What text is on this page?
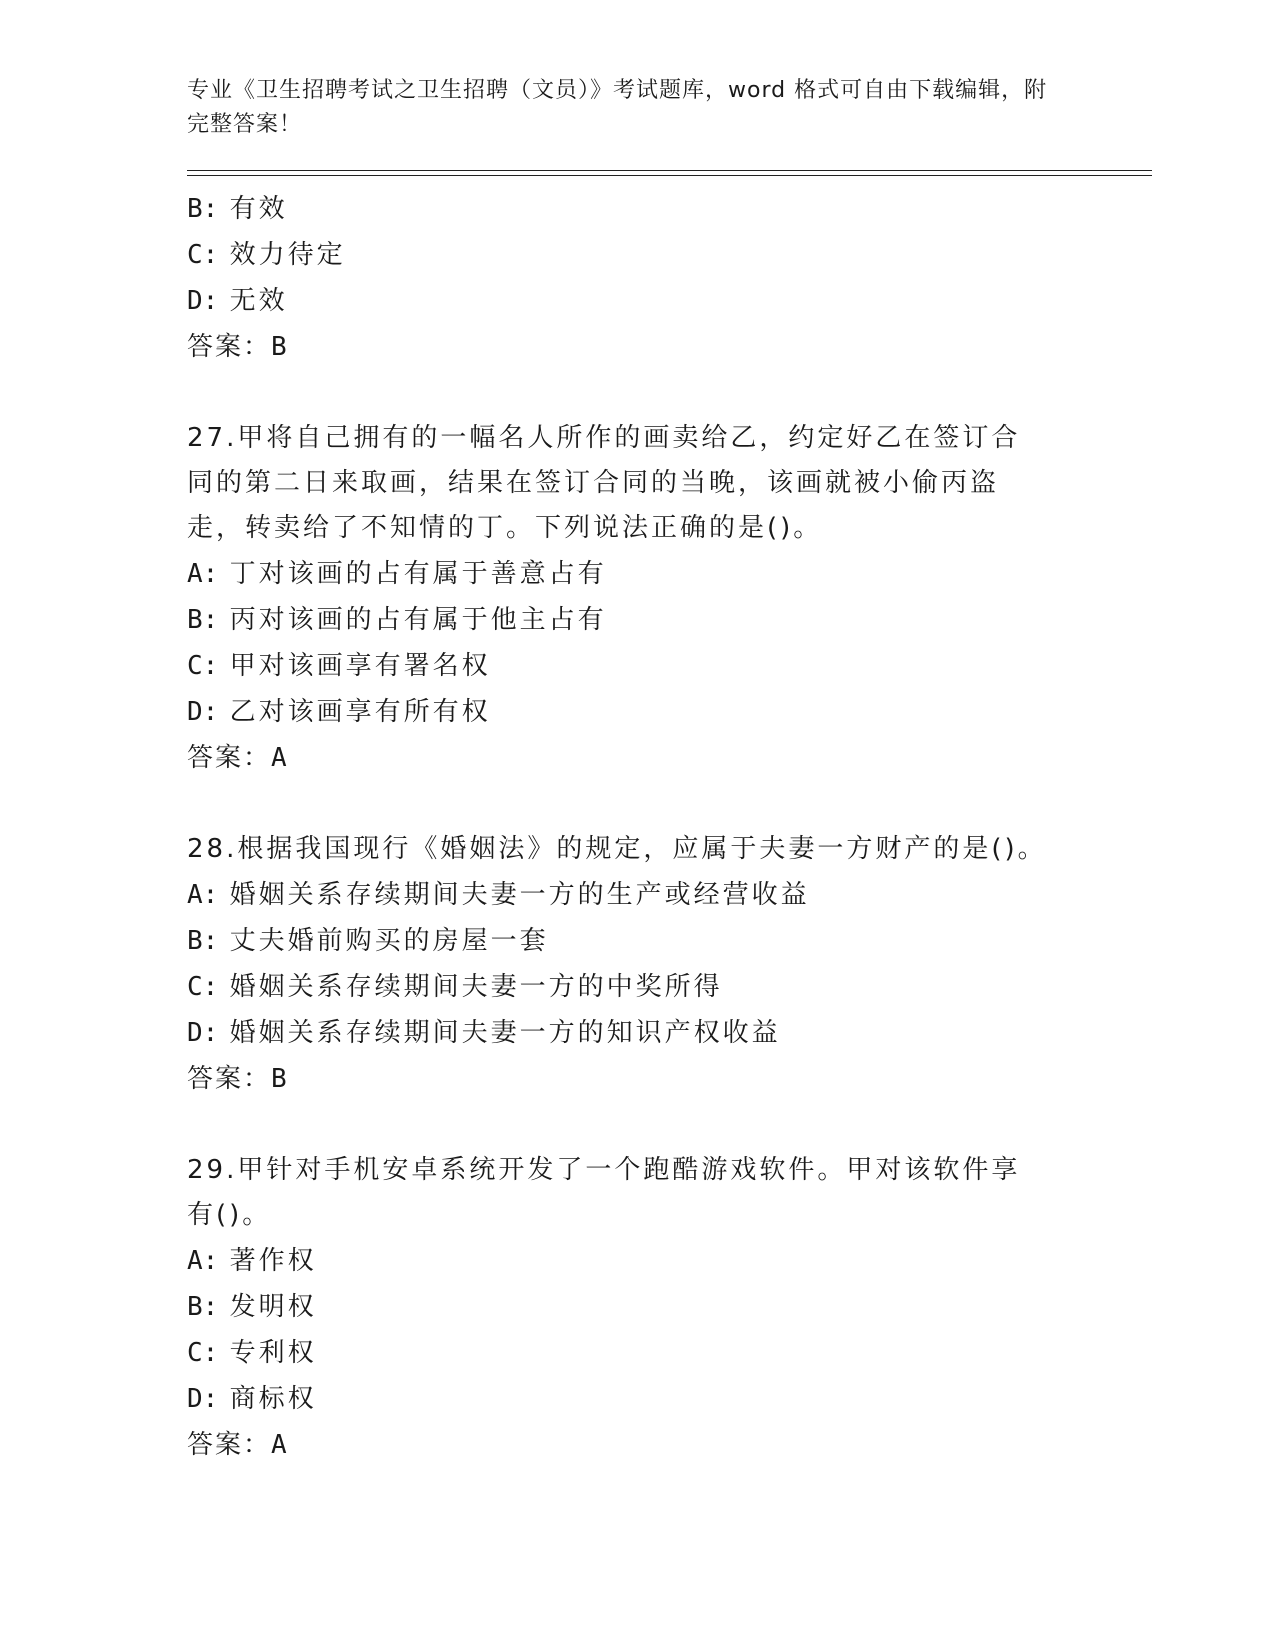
专业《卫生招聘考试之卫生招聘（文员）》考试题库，word 格式可自由下载编辑，附完整答案！
B: 有效
C: 效力待定
D: 无效
答案：B
27.甲将自己拥有的一幅名人所作的画卖给乙，约定好乙在签订合同的第二日来取画，结果在签订合同的当晚，该画就被小偷丙盗走，转卖给了不知情的丁。下列说法正确的是()。
A: 丁对该画的占有属于善意占有
B: 丙对该画的占有属于他主占有
C: 甲对该画享有署名权
D: 乙对该画享有所有权
答案：A
28.根据我国现行《婚姻法》的规定，应属于夫妻一方财产的是()。
A: 婚姻关系存续期间夫妻一方的生产或经营收益
B: 丈夫婚前购买的房屋一套
C: 婚姻关系存续期间夫妻一方的中奖所得
D: 婚姻关系存续期间夫妻一方的知识产权收益
答案：B
29.甲针对手机安卓系统开发了一个跑酷游戏软件。甲对该软件享有()。
A: 著作权
B: 发明权
C: 专利权
D: 商标权
答案：A
